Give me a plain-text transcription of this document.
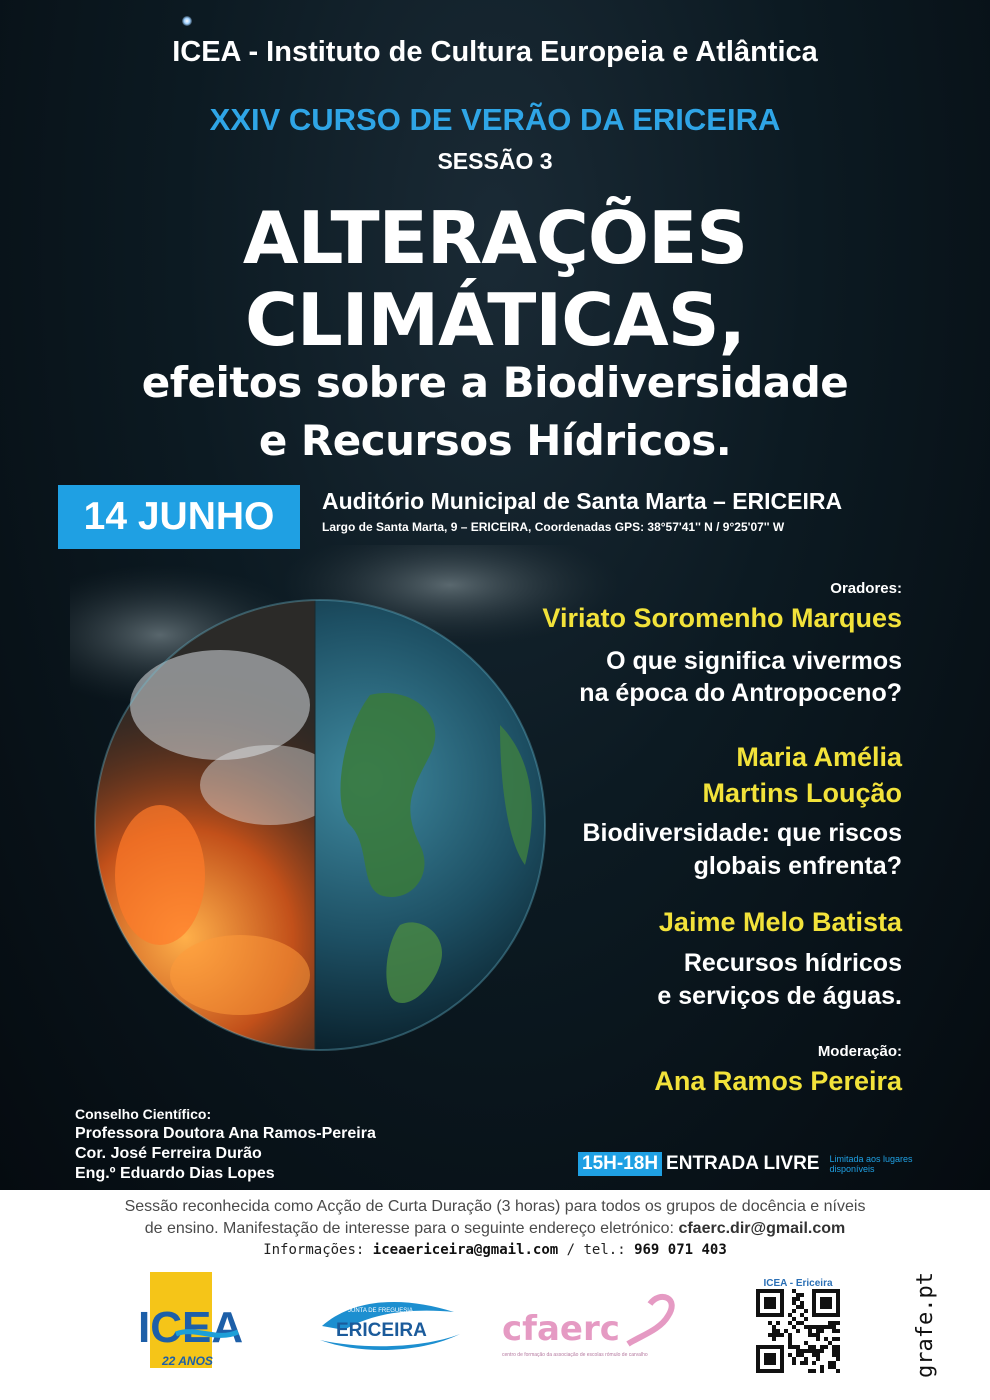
ICEA - Instituto de Cultura Europeia e Atlântica
XXIV CURSO DE VERÃO DA ERICEIRA
SESSÃO 3
ALTERAÇÕES
CLIMÁTICAS,
efeitos sobre a Biodiversidade
e Recursos Hídricos.
14 JUNHO	Auditório Municipal de Santa Marta – ERICEIRA
Largo de Santa Marta, 9 – ERICEIRA, Coordenadas GPS: 38°57'41'' N / 9°25'07'' W
Oradores:
Viriato Soromenho Marques
O que significa vivermos
na época do Antropoceno?
Maria Amélia
Martins Loução
Biodiversidade: que riscos
globais enfrenta?
Jaime Melo Batista
Recursos hídricos
e serviços de águas.
Moderação:
Ana Ramos Pereira
Conselho Científico:
Professora Doutora Ana Ramos-Pereira
Cor. José Ferreira Durão
Eng.º Eduardo Dias Lopes	15H-18H ENTRADA LIVRE Limitada aos lugares disponíveis
Sessão reconhecida como Acção de Curta Duração (3 horas) para todos os grupos de docência e níveis
de ensino. Manifestação de interesse para o seguinte endereço eletrónico: cfaerc.dir@gmail.com
Informações: iceaericeira@gmail.com / tel.: 969 071 403
ICEA
22 ANOS
JUNTA DE FREGUESIA
ERICEIRA cfaerc
centro de formação da associação de escolas rómulo de carvalho
ICEA - Ericeira	grafe.pt
